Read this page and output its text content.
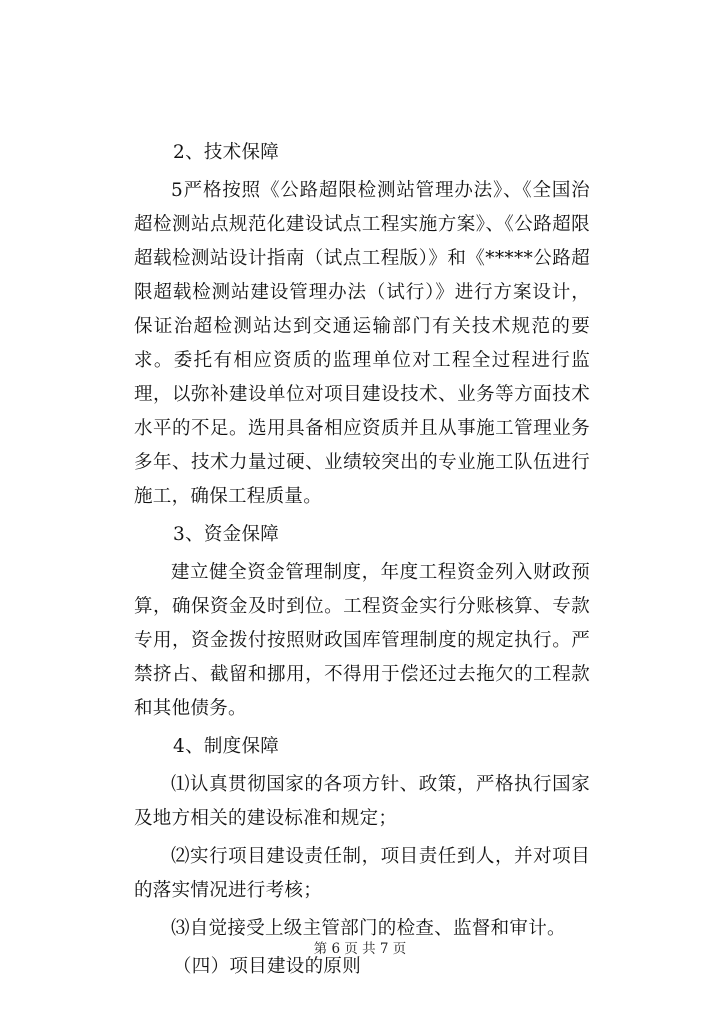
2、技术保障

5严格按照《公路超限检测站管理办法》、《全国治超检测站点规范化建设试点工程实施方案》、《公路超限超载检测站设计指南（试点工程版）》和《*****公路超限超载检测站建设管理办法（试行）》进行方案设计，保证治超检测站达到交通运输部门有关技术规范的要求。委托有相应资质的监理单位对工程全过程进行监理，以弥补建设单位对项目建设技术、业务等方面技术水平的不足。选用具备相应资质并且从事施工管理业务多年、技术力量过硬、业绩较突出的专业施工队伍进行施工，确保工程质量。

3、资金保障

建立健全资金管理制度，年度工程资金列入财政预算，确保资金及时到位。工程资金实行分账核算、专款专用，资金拨付按照财政国库管理制度的规定执行。严禁挤占、截留和挪用，不得用于偿还过去拖欠的工程款和其他债务。

4、制度保障

⑴认真贯彻国家的各项方针、政策，严格执行国家及地方相关的建设标准和规定；

⑵实行项目建设责任制，项目责任到人，并对项目的落实情况进行考核；

⑶自觉接受上级主管部门的检查、监督和审计。

（四）项目建设的原则

第 6 页 共 7 页
